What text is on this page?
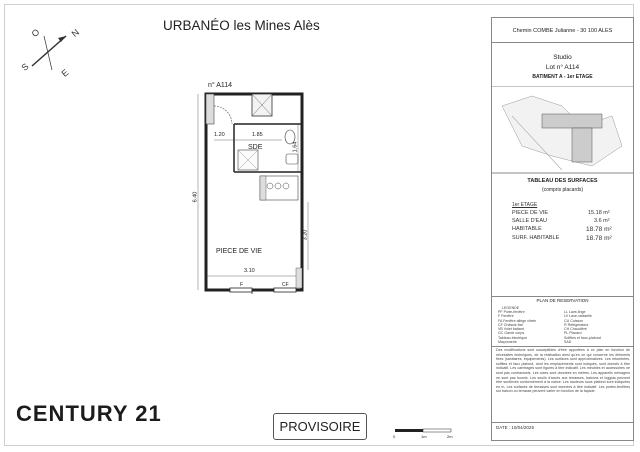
N
O
S
E
URBANÉO les Mines Alès
n° A114
1.20	1.85
1.64
SDE
6.40
3.20
PIECE DE VIE
3.10
F	CF
Chemin COMBE Julianne - 30 100 ALES
Studio
Lot n° A114
BATIMENT A - 1er ETAGE
TABLEAU DES SURFACES
(compris placards)
1er ETAGE
PIECE DE VIE	15.18 m²
SALLE D'EAU	3.6 m²
HABITABLE	18.78 m²
SURF. HABITABLE	18.78 m²
PLAN DE RESERVATION
LEGENDE
PF Porte-fenêtre
F Fenêtre
FA Fenêtre allège vitrée
CF Châssis fixe
VB Volet battant
GC Garde corps
Tableau électrique
Maçonnerie
LL Lave-linge
LV Lave-vaisselle
CU Cuisson
R Réfrigérateur
CH Chaudière
PL Placard
Soffites et faux-plafond
SAD
Des modifications sont susceptibles d'être apportées à ce plan en fonction de nécessités techniques, de la réalisation ainsi qu'en ce qui concerne les éléments fixes (sanitaires, équipements). Les surfaces sont approximatives. Les retombées, soffites et faux plafond, dont les emplacements sont indiqués, sont donnés à titre indicatif. Les carrelages sont figurés à titre indicatif. Les meubles et accessoires ne sont pas contractuels. Les cotes sont données en mètres. Les appareils ménagers ne sont pas fournis. Les seuils d'accès aux terrasses, balcons et loggias peuvent être surélevés conformément à la notice. Les hauteurs sous plafond sont indiquées en m. Les surfaces de terrasses sont données à titre indicatif. Les portes-fenêtres sur balcon ou terrasse peuvent varier en fonction de la façade.
DATE : 10/04/2025
CENTURY 21
PROVISOIRE
0	1m	2m
